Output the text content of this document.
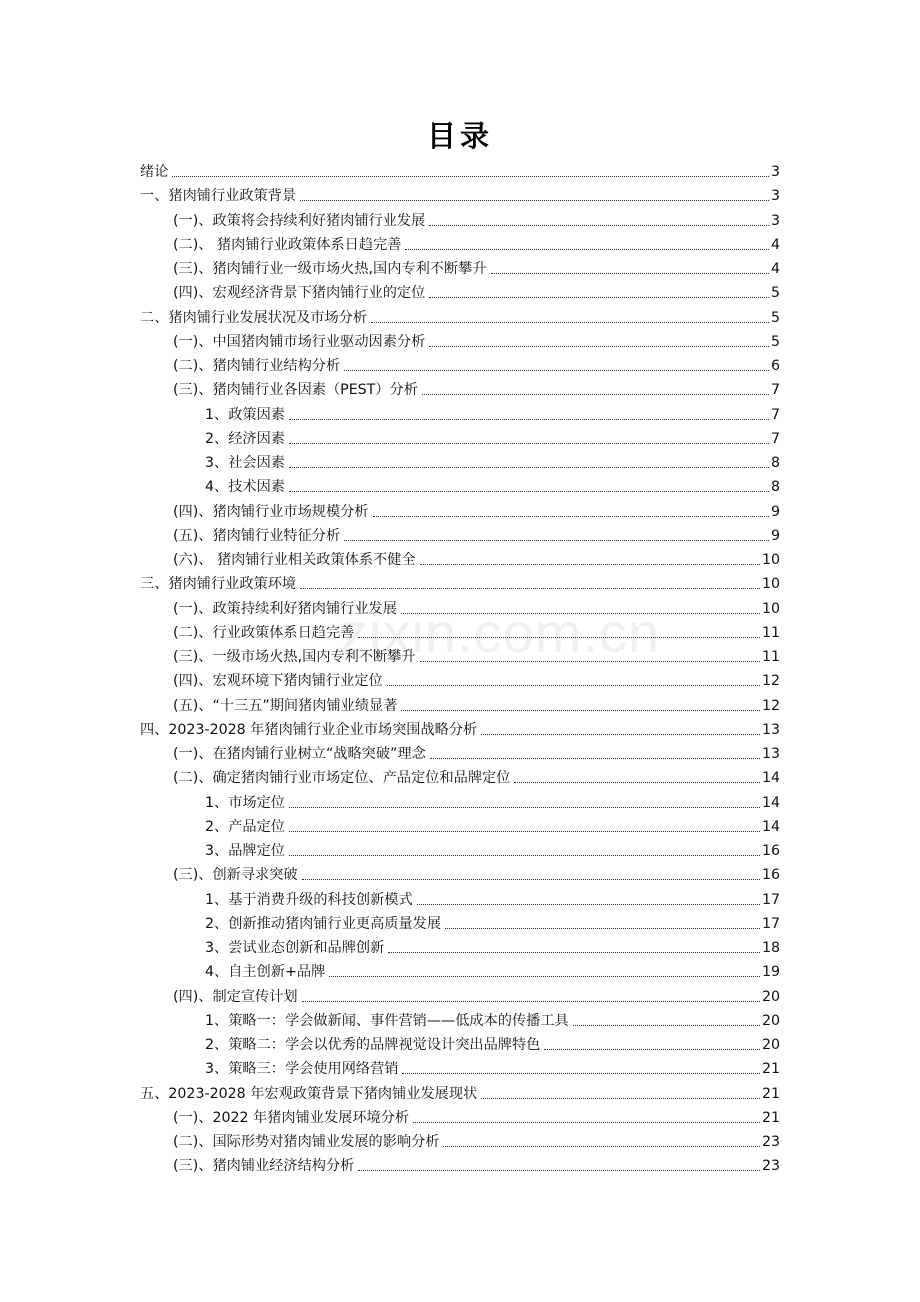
目录
zixin.com.cn
绪论	3
一、猪肉铺行业政策背景	3
(一)、政策将会持续利好猪肉铺行业发展	3
(二)、 猪肉铺行业政策体系日趋完善	4
(三)、猪肉铺行业一级市场火热,国内专利不断攀升	4
(四)、宏观经济背景下猪肉铺行业的定位	5
二、猪肉铺行业发展状况及市场分析	5
(一)、中国猪肉铺市场行业驱动因素分析	5
(二)、猪肉铺行业结构分析	6
(三)、猪肉铺行业各因素（PEST）分析	7
1、政策因素	7
2、经济因素	7
3、社会因素	8
4、技术因素	8
(四)、猪肉铺行业市场规模分析	9
(五)、猪肉铺行业特征分析	9
(六)、 猪肉铺行业相关政策体系不健全	10
三、猪肉铺行业政策环境	10
(一)、政策持续利好猪肉铺行业发展	10
(二)、行业政策体系日趋完善	11
(三)、一级市场火热,国内专利不断攀升	11
(四)、宏观环境下猪肉铺行业定位	12
(五)、“十三五”期间猪肉铺业绩显著	12
四、2023-2028 年猪肉铺行业企业市场突围战略分析	13
(一)、在猪肉铺行业树立“战略突破”理念	13
(二)、确定猪肉铺行业市场定位、产品定位和品牌定位	14
1、市场定位	14
2、产品定位	14
3、品牌定位	16
(三)、创新寻求突破	16
1、基于消费升级的科技创新模式	17
2、创新推动猪肉铺行业更高质量发展	17
3、尝试业态创新和品牌创新	18
4、自主创新+品牌	19
(四)、制定宣传计划	20
1、策略一：学会做新闻、事件营销——低成本的传播工具	20
2、策略二：学会以优秀的品牌视觉设计突出品牌特色	20
3、策略三：学会使用网络营销	21
五、2023-2028 年宏观政策背景下猪肉铺业发展现状	21
(一)、2022 年猪肉铺业发展环境分析	21
(二)、国际形势对猪肉铺业发展的影响分析	23
(三)、猪肉铺业经济结构分析	23
